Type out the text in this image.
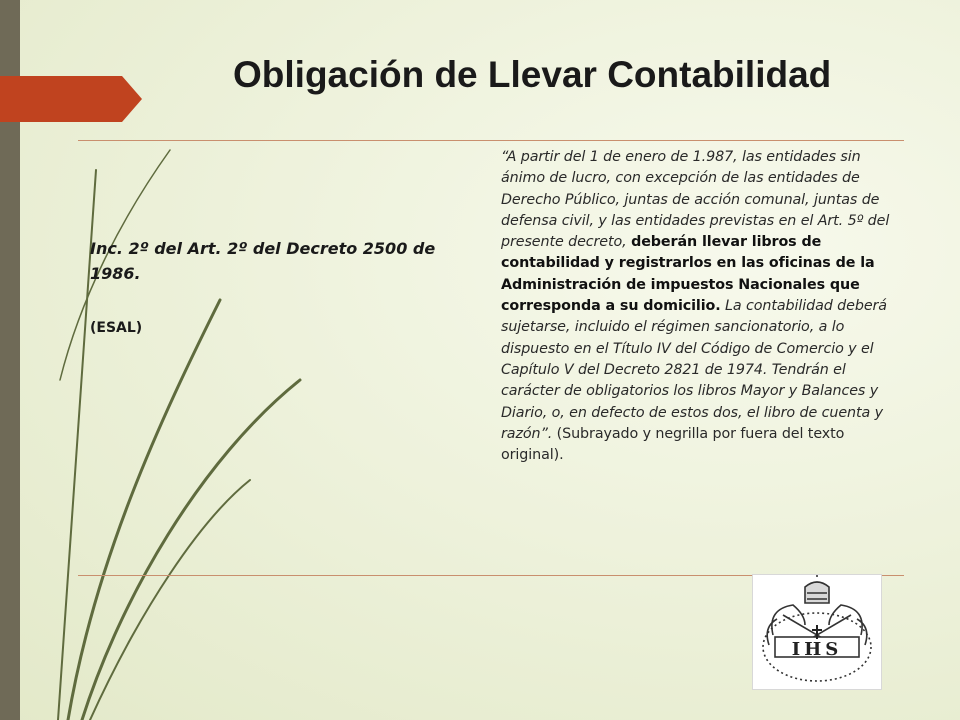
Obligación de Llevar Contabilidad

Inc. 2º del Art. 2º del Decreto 2500 de 1986.

(ESAL)

“A partir del 1 de enero de 1.987, las entidades sin ánimo de lucro, con excepción de las entidades de Derecho Público, juntas de acción comunal, juntas de defensa civil, y las entidades previstas en el Art. 5º del presente decreto, deberán llevar libros de contabilidad y registrarlos en las oficinas de la Administración de impuestos Nacionales que corresponda a su domicilio. La contabilidad deberá sujetarse, incluido el régimen sancionatorio, a lo dispuesto en el Título IV del Código de Comercio y el Capítulo V del Decreto 2821 de 1974. Tendrán el carácter de obligatorios los libros Mayor y Balances y Diario, o, en defecto de estos dos, el libro de cuenta y razón”. (Subrayado y negrilla por fuera del texto original).

IHS
